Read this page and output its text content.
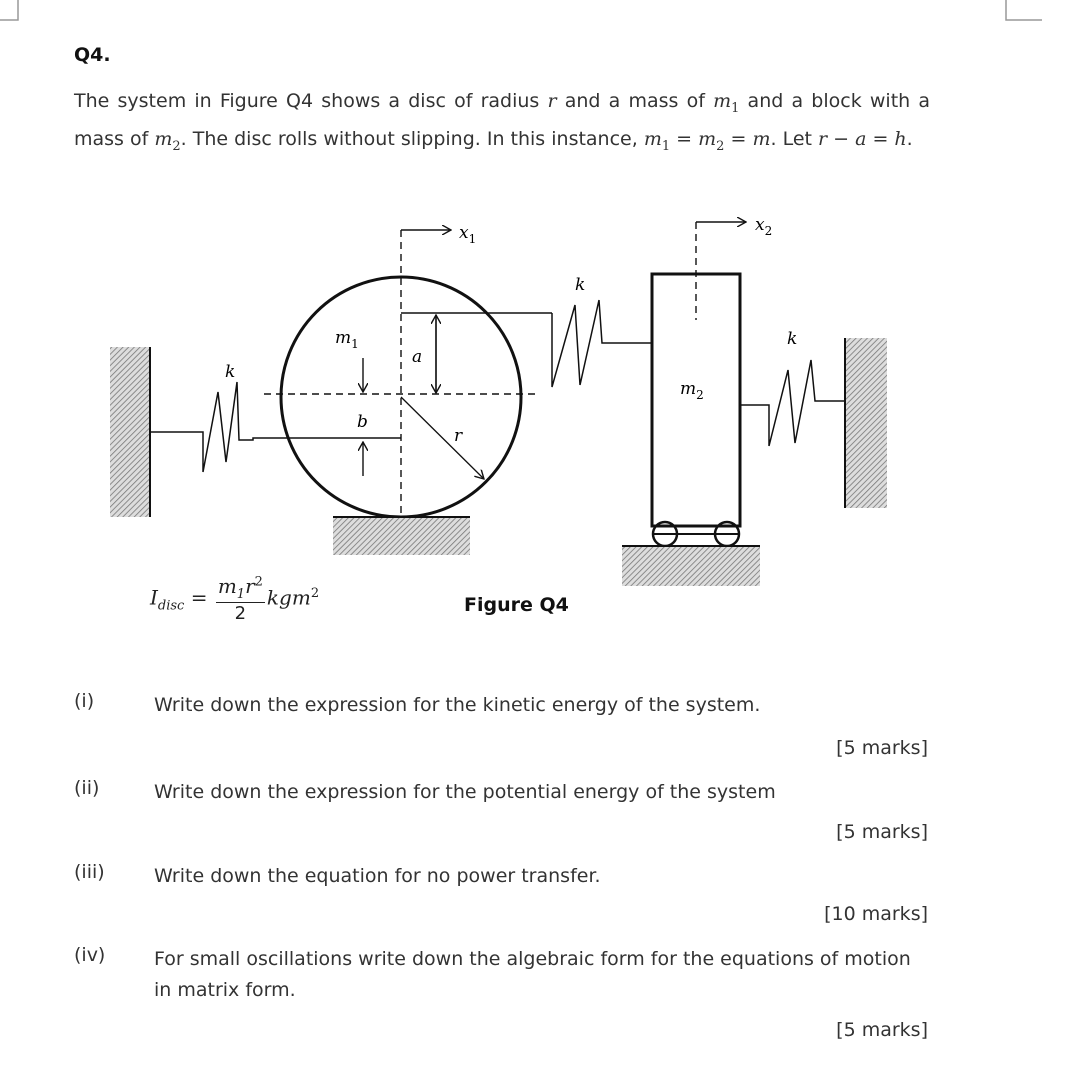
Q4.
The system in Figure Q4 shows a disc of radius r and a mass of $m_1$ and a block with a mass of $m_2$. The disc rolls without slipping. In this instance, $m_1 = m_2 = m$. Let r − a = h.
k
$x_1$
$x_2$
$m_1$
a
b
r
k
$m_2$
k
$I_{disc} = \frac{m_1r^2}{2} kgm^2$
Figure Q4
(i)	Write down the expression for the kinetic energy of the system.
[5 marks]
(ii)	Write down the expression for the potential energy of the system
[5 marks]
(iii)	Write down the equation for no power transfer.
[10 marks]
(iv)	For small oscillations write down the algebraic form for the equations of motion in matrix form.
[5 marks]
